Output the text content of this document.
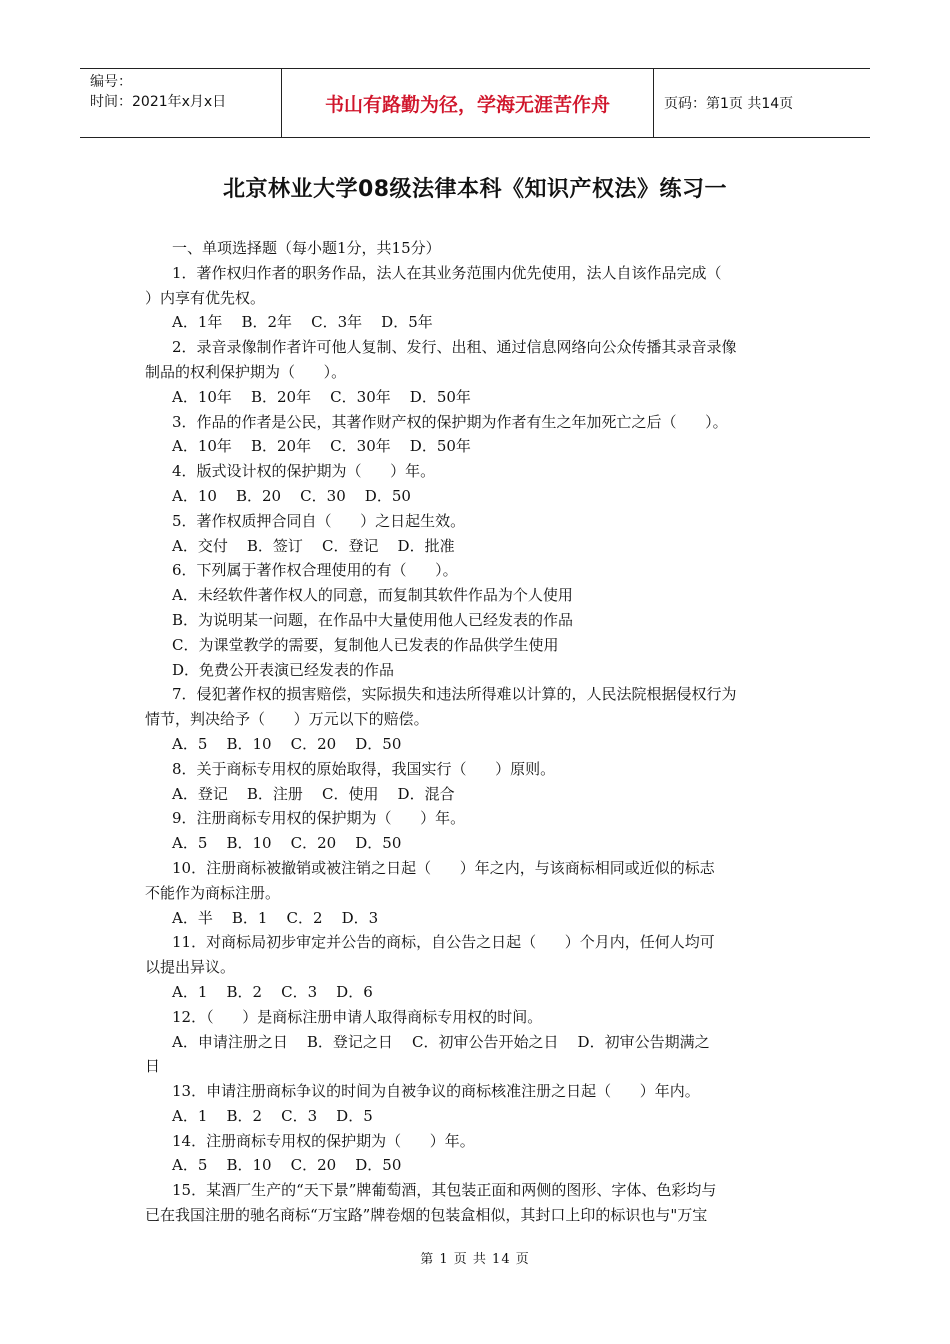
编号：
时间：2021年x月x日	书山有路勤为径，学海无涯苦作舟	页码：第1页 共14页
北京林业大学08级法律本科《知识产权法》练习一

一、单项选择题（每小题1分，共15分）

1．著作权归作者的职务作品，法人在其业务范围内优先使用，法人自该作品完成（

）内享有优先权。

A．1年    B．2年    C．3年    D．5年

2．录音录像制作者许可他人复制、发行、出租、通过信息网络向公众传播其录音录像

制品的权利保护期为（      ）。

A．10年    B．20年    C．30年    D．50年

3．作品的作者是公民，其著作财产权的保护期为作者有生之年加死亡之后（      ）。

A．10年    B．20年    C．30年    D．50年

4．版式设计权的保护期为（      ）年。

A．10    B．20    C．30    D．50

5．著作权质押合同自（      ）之日起生效。

A．交付    B．签订    C．登记    D．批准

6．下列属于著作权合理使用的有（      ）。

A．未经软件著作权人的同意，而复制其软件作品为个人使用

B．为说明某一问题，在作品中大量使用他人已经发表的作品

C．为课堂教学的需要，复制他人已发表的作品供学生使用

D．免费公开表演已经发表的作品

7．侵犯著作权的损害赔偿，实际损失和违法所得难以计算的，人民法院根据侵权行为

情节，判决给予（      ）万元以下的赔偿。

A．5    B．10    C．20    D．50

8．关于商标专用权的原始取得，我国实行（      ）原则。

A．登记    B．注册    C．使用    D．混合

9．注册商标专用权的保护期为（      ）年。

A．5    B．10    C．20    D．50

10．注册商标被撤销或被注销之日起（      ）年之内，与该商标相同或近似的标志

不能作为商标注册。

A．半    B．1    C．2    D．3

11．对商标局初步审定并公告的商标，自公告之日起（      ）个月内，任何人均可

以提出异议。

A．1    B．2    C．3    D．6

12．（      ）是商标注册申请人取得商标专用权的时间。

A．申请注册之日    B．登记之日    C．初审公告开始之日    D．初审公告期满之

日

13．申请注册商标争议的时间为自被争议的商标核准注册之日起（      ）年内。

A．1    B．2    C．3    D．5

14．注册商标专用权的保护期为（      ）年。

A．5    B．10    C．20    D．50

15．某酒厂生产的“天下景”牌葡萄酒，其包装正面和两侧的图形、字体、色彩均与

已在我国注册的驰名商标“万宝路”牌卷烟的包装盒相似，其封口上印的标识也与"万宝

第 1 页 共 14 页
